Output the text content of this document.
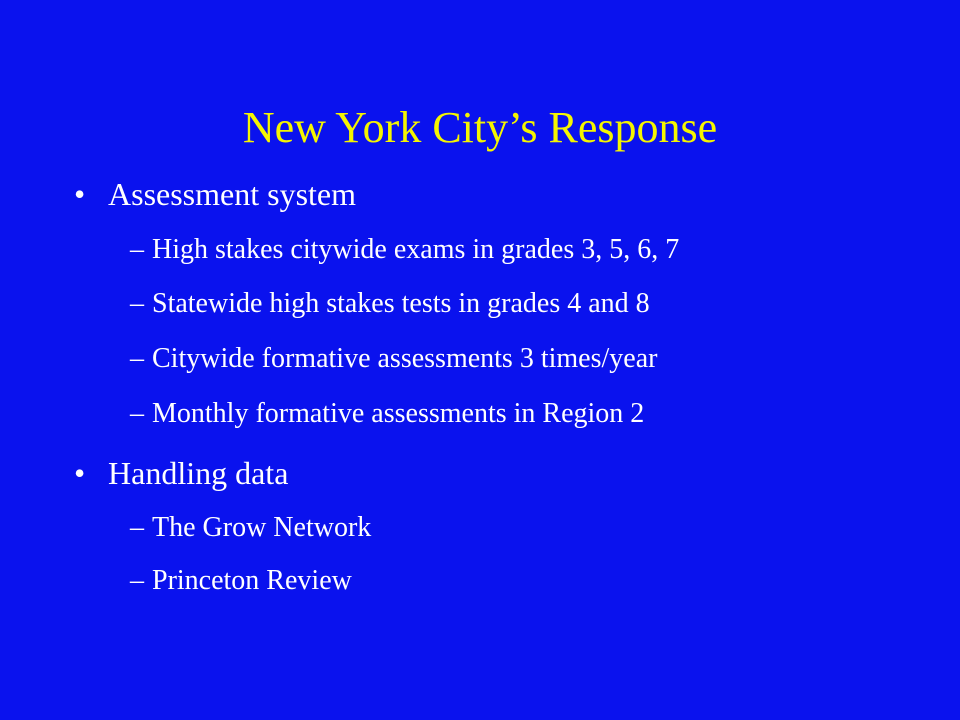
New York City’s Response
• Assessment system
– High stakes citywide exams in grades 3, 5, 6, 7
– Statewide high stakes tests in grades 4 and 8
– Citywide formative assessments 3 times/year
– Monthly formative assessments in Region 2
• Handling data
– The Grow Network
– Princeton Review
